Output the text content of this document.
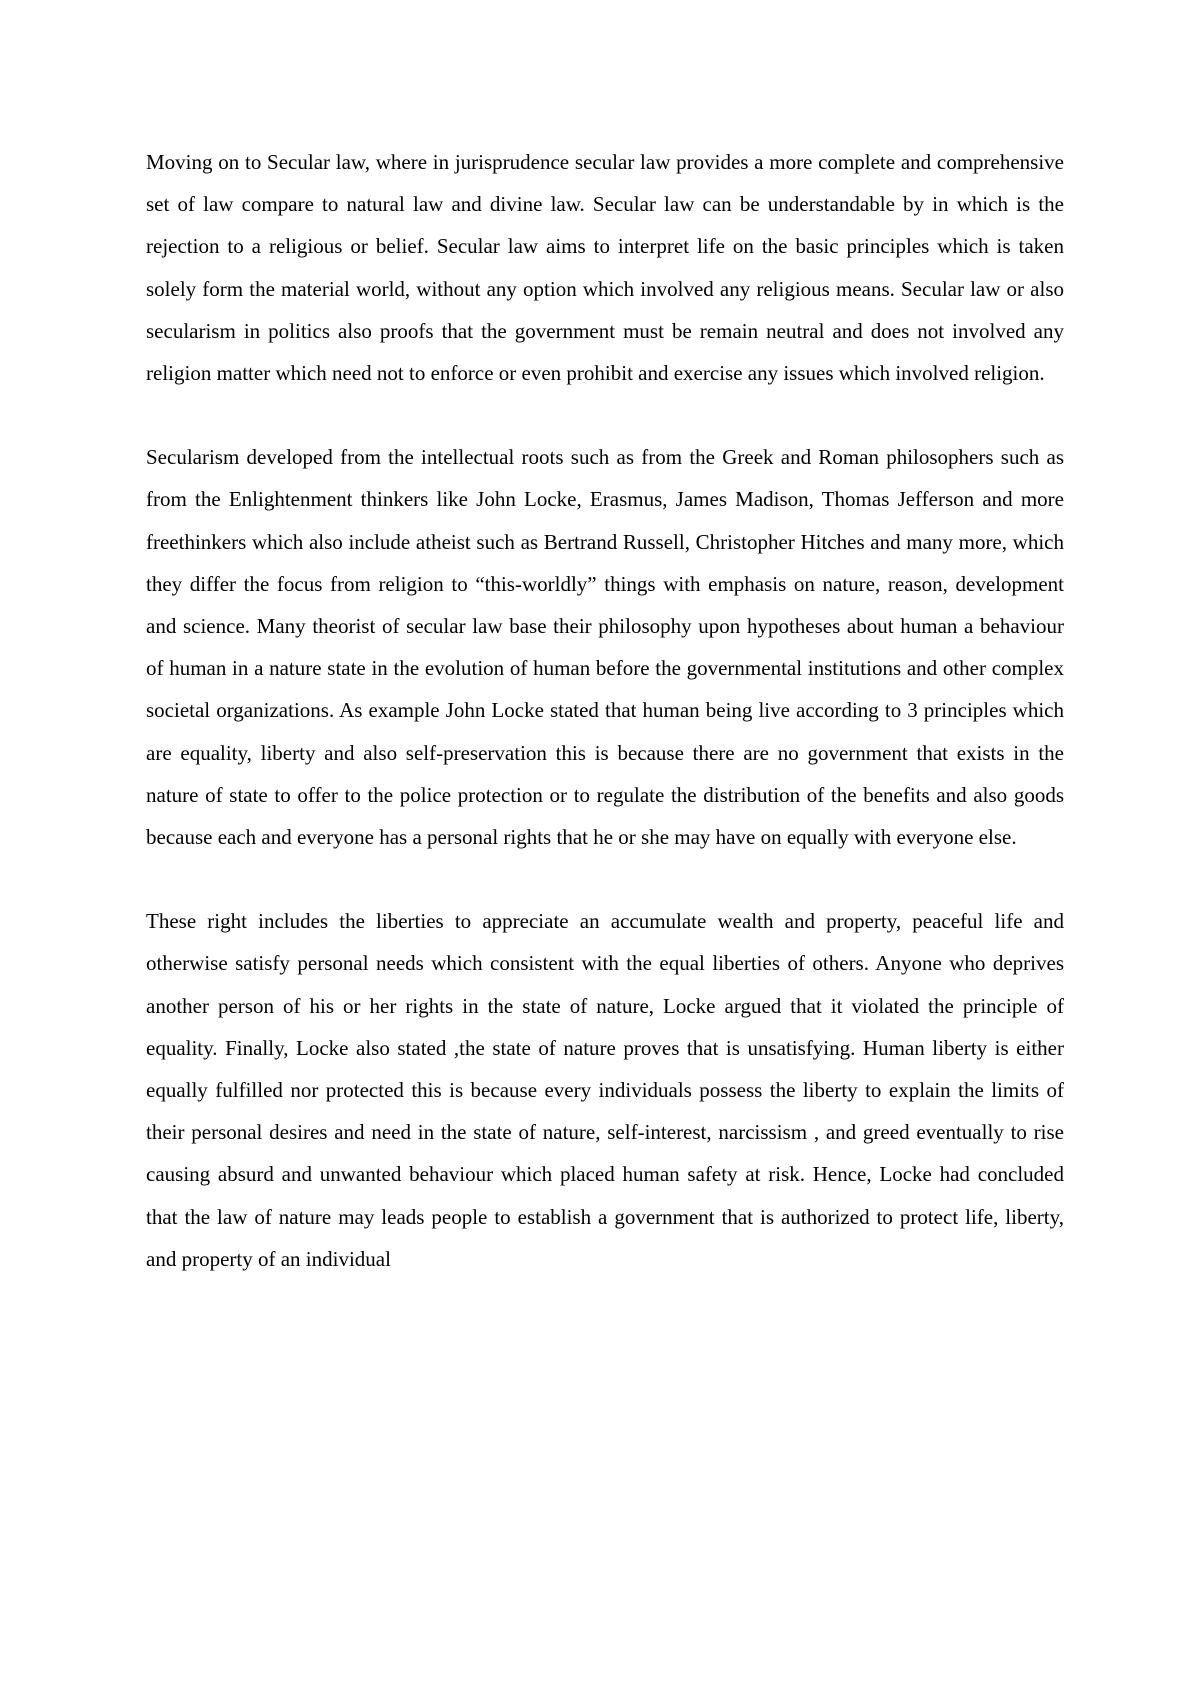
Moving on to Secular law, where in jurisprudence secular law provides a more complete and comprehensive set of law compare to natural law and divine law. Secular law can be understandable by in which is the rejection to a religious or belief. Secular law aims to interpret life on the basic principles which is taken solely form the material world, without any option which involved any religious means. Secular law or also secularism in politics also proofs that the government must be remain neutral and does not involved any religion matter which need not to enforce or even prohibit and exercise any issues which involved religion.

Secularism developed from the intellectual roots such as from the Greek and Roman philosophers such as from the Enlightenment thinkers like John Locke, Erasmus, James Madison, Thomas Jefferson and more freethinkers which also include atheist such as Bertrand Russell, Christopher Hitches and many more, which they differ the focus from religion to “this-worldly” things with emphasis on nature, reason, development and science. Many theorist of secular law base their philosophy upon hypotheses about human a behaviour of human in a nature state in the evolution of human before the governmental institutions and other complex societal organizations. As example John Locke stated that human being live according to 3 principles which are equality, liberty and also self-preservation this is because there are no government that exists in the nature of state to offer to the police protection or to regulate the distribution of the benefits and also goods because each and everyone has a personal rights that he or she may have on equally with everyone else.

These right includes the liberties to appreciate an accumulate wealth and property, peaceful life and otherwise satisfy personal needs which consistent with the equal liberties of others. Anyone who deprives another person of his or her rights in the state of nature, Locke argued that it violated the principle of equality. Finally, Locke also stated ,the state of nature proves that is unsatisfying. Human liberty is either equally fulfilled nor protected this is because every individuals possess the liberty to explain the limits of their personal desires and need in the state of nature, self-interest, narcissism , and greed eventually to rise causing absurd and unwanted behaviour which placed human safety at risk. Hence, Locke had concluded that the law of nature may leads people to establish a government that is authorized to protect life, liberty, and property of an individual
